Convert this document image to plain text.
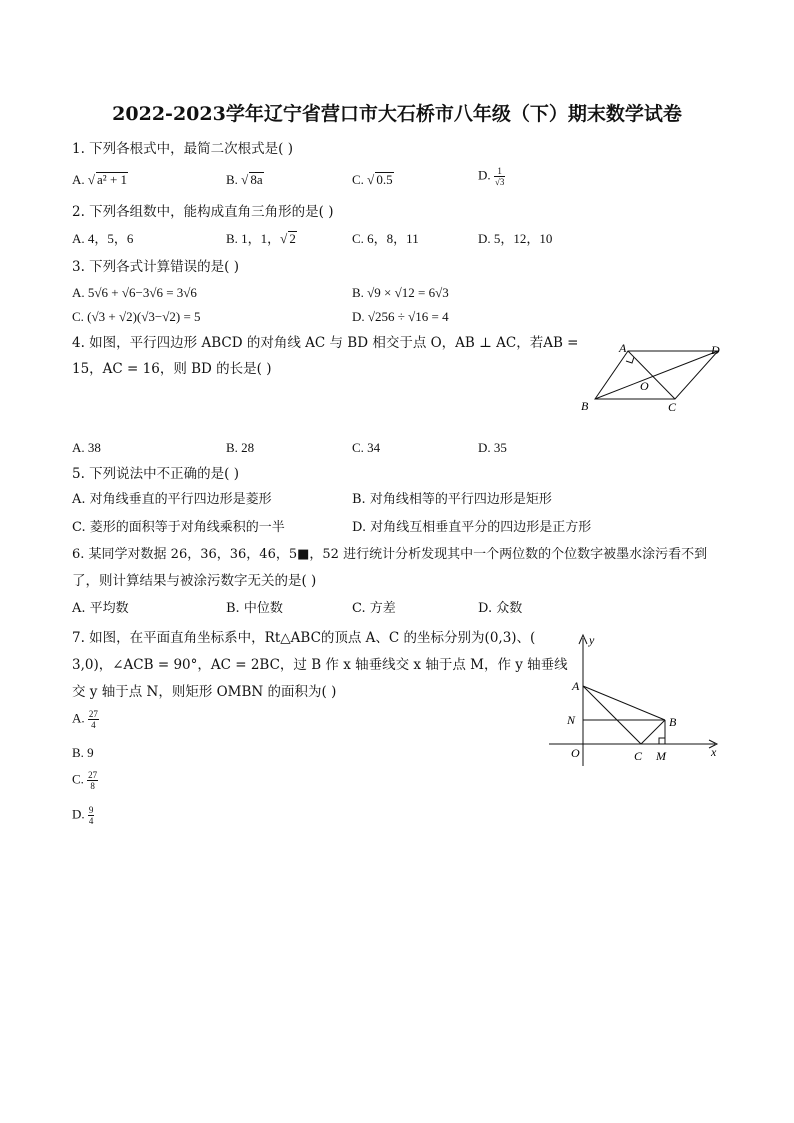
2022-2023学年辽宁省营口市大石桥市八年级（下）期末数学试卷
1. 下列各根式中，最简二次根式是( )
A. √ a² + 1	B. √ 8a	C. √ 0.5	D. $\frac{1}{√3}$
2. 下列各组数中，能构成直角三角形的是( )
A. 4，5，6	B. 1，1， √ 2	C. 6，8，11	D. 5，12，10
3. 下列各式计算错误的是( )
A. 5√6 + √6−3√6 = 3√6	B. √9 × √12 = 6√3
C. (√3 + √2)(√3−√2) = 5	D. √256 ÷ √16 = 4
4. 如图，平行四边形 ABCD 的对角线 AC 与 BD 相交于点 O，AB ⊥ AC，若AB =
15，AC = 16，则 BD 的长是( )
A	D
O
B	C
A. 38	B. 28	C. 34	D. 35
5. 下列说法中不正确的是( )
A. 对角线垂直的平行四边形是菱形	B. 对角线相等的平行四边形是矩形
C. 菱形的面积等于对角线乘积的一半	D. 对角线互相垂直平分的四边形是正方形
6. 某同学对数据 26，36，36，46，5■，52 进行统计分析发现其中一个两位数的个位数字被墨水涂污看不到
了，则计算结果与被涂污数字无关的是( )
A. 平均数	B. 中位数	C. 方差	D. 众数
7. 如图，在平面直角坐标系中，Rt△ABC的顶点 A、C 的坐标分别为(0,3)、(
3,0)，∠ACB = 90°，AC = 2BC，过 B 作 x 轴垂线交 x 轴于点 M，作 y 轴垂线
交 y 轴于点 N，则矩形 OMBN 的面积为( )
A. $\frac{27}{4}$
B. 9
C. $\frac{27}{8}$
D. $\frac{9}{4}$
y
x
A
N	B
O	C M
